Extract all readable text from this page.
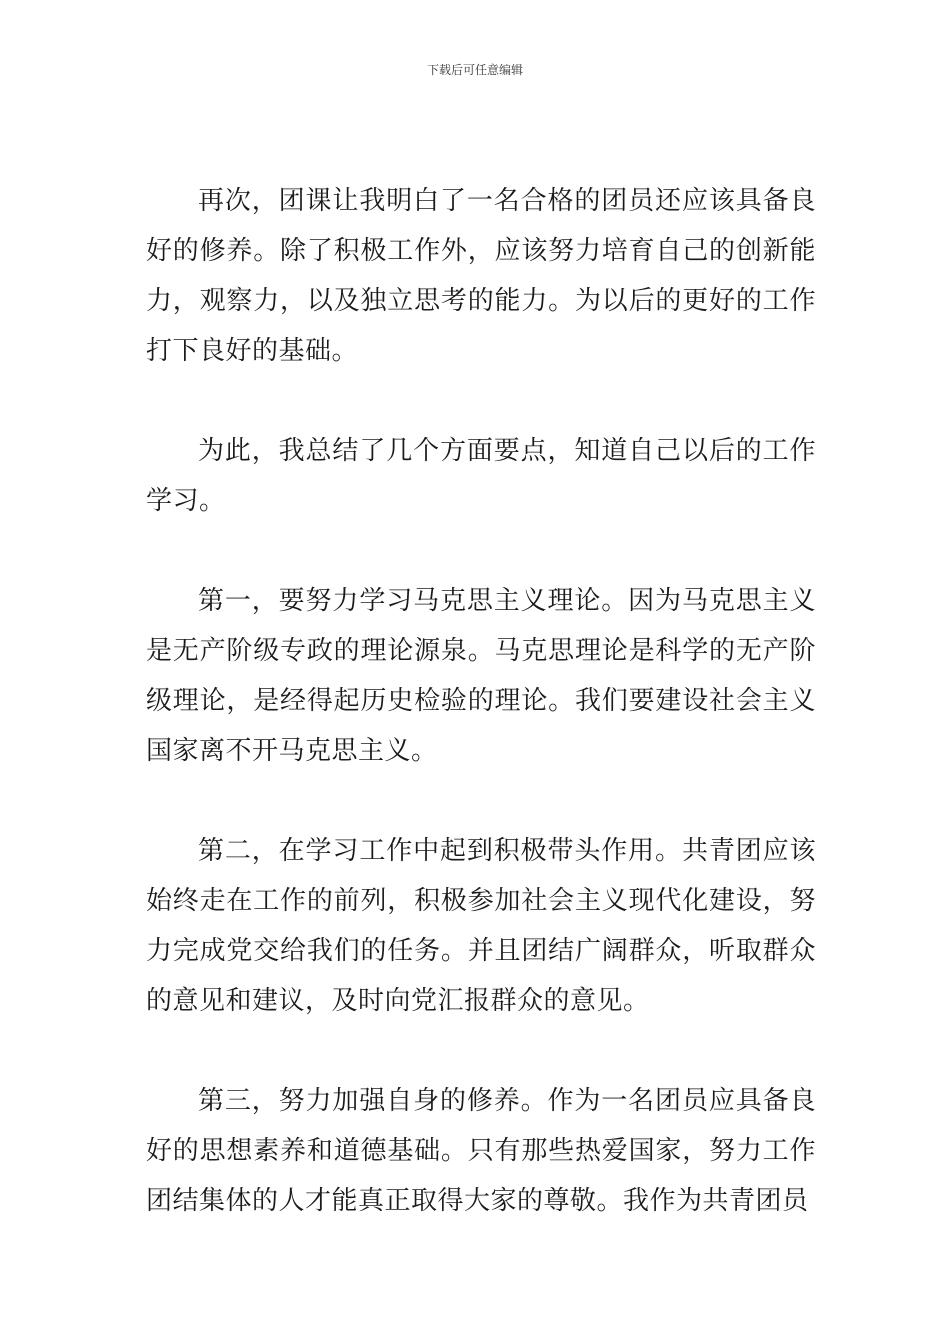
下载后可任意编辑

再次，团课让我明白了一名合格的团员还应该具备良好的修养。除了积极工作外，应该努力培育自己的创新能力，观察力，以及独立思考的能力。为以后的更好的工作打下良好的基础。

为此，我总结了几个方面要点，知道自己以后的工作学习。

第一，要努力学习马克思主义理论。因为马克思主义是无产阶级专政的理论源泉。马克思理论是科学的无产阶级理论，是经得起历史检验的理论。我们要建设社会主义国家离不开马克思主义。

第二，在学习工作中起到积极带头作用。共青团应该始终走在工作的前列，积极参加社会主义现代化建设，努力完成党交给我们的任务。并且团结广阔群众，听取群众的意见和建议，及时向党汇报群众的意见。

第三，努力加强自身的修养。作为一名团员应具备良好的思想素养和道德基础。只有那些热爱国家，努力工作团结集体的人才能真正取得大家的尊敬。我作为共青团员
